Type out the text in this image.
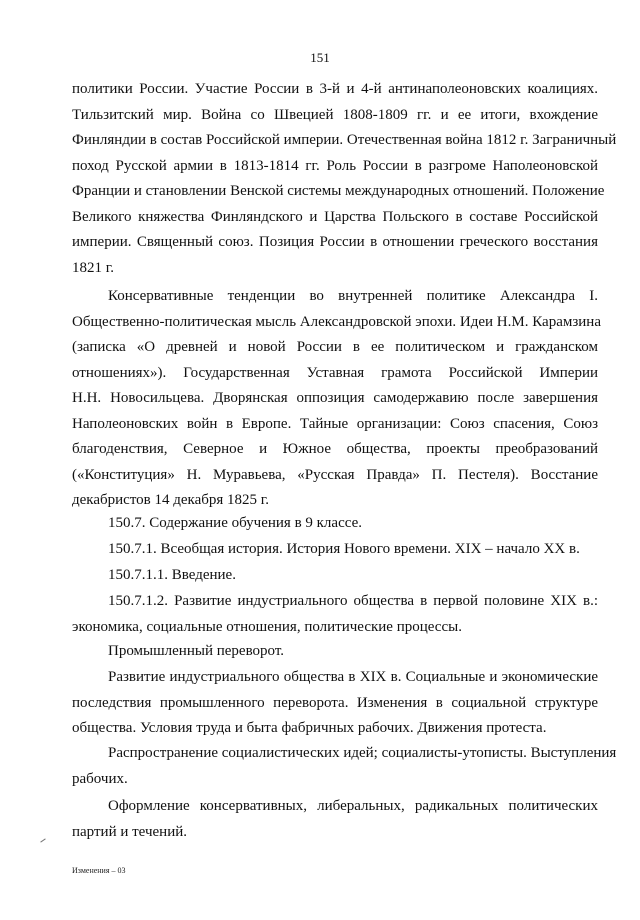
151
политики России. Участие России в 3-й и 4-й антинаполеоновских коалициях.
Тильзитский мир. Война со Швецией 1808-1809 гг. и ее итоги, вхождение
Финляндии в состав Российской империи. Отечественная война 1812 г. Заграничный
поход Русской армии в 1813-1814 гг. Роль России в разгроме Наполеоновской
Франции и становлении Венской системы международных отношений. Положение
Великого княжества Финляндского и Царства Польского в составе Российской
империи. Священный союз. Позиция России в отношении греческого восстания
1821 г.
Консервативные тенденции во внутренней политике Александра I.
Общественно-политическая мысль Александровской эпохи. Идеи Н.М. Карамзина
(записка «О древней и новой России в ее политическом и гражданском
отношениях»). Государственная Уставная грамота Российской Империи
Н.Н. Новосильцева. Дворянская оппозиция самодержавию после завершения
Наполеоновских войн в Европе. Тайные организации: Союз спасения, Союз
благоденствия, Северное и Южное общества, проекты преобразований
(«Конституция» Н. Муравьева, «Русская Правда» П. Пестеля). Восстание
декабристов 14 декабря 1825 г.
150.7. Содержание обучения в 9 классе.
150.7.1. Всеобщая история. История Нового времени. XIX – начало XX в.
150.7.1.1. Введение.
150.7.1.2. Развитие индустриального общества в первой половине XIX в.:
экономика, социальные отношения, политические процессы.
Промышленный переворот.
Развитие индустриального общества в XIX в. Социальные и экономические
последствия промышленного переворота. Изменения в социальной структуре
общества. Условия труда и быта фабричных рабочих. Движения протеста.
Распространение социалистических идей; социалисты-утописты. Выступления
рабочих.
Оформление консервативных, либеральных, радикальных политических
партий и течений.
Изменения – 03
